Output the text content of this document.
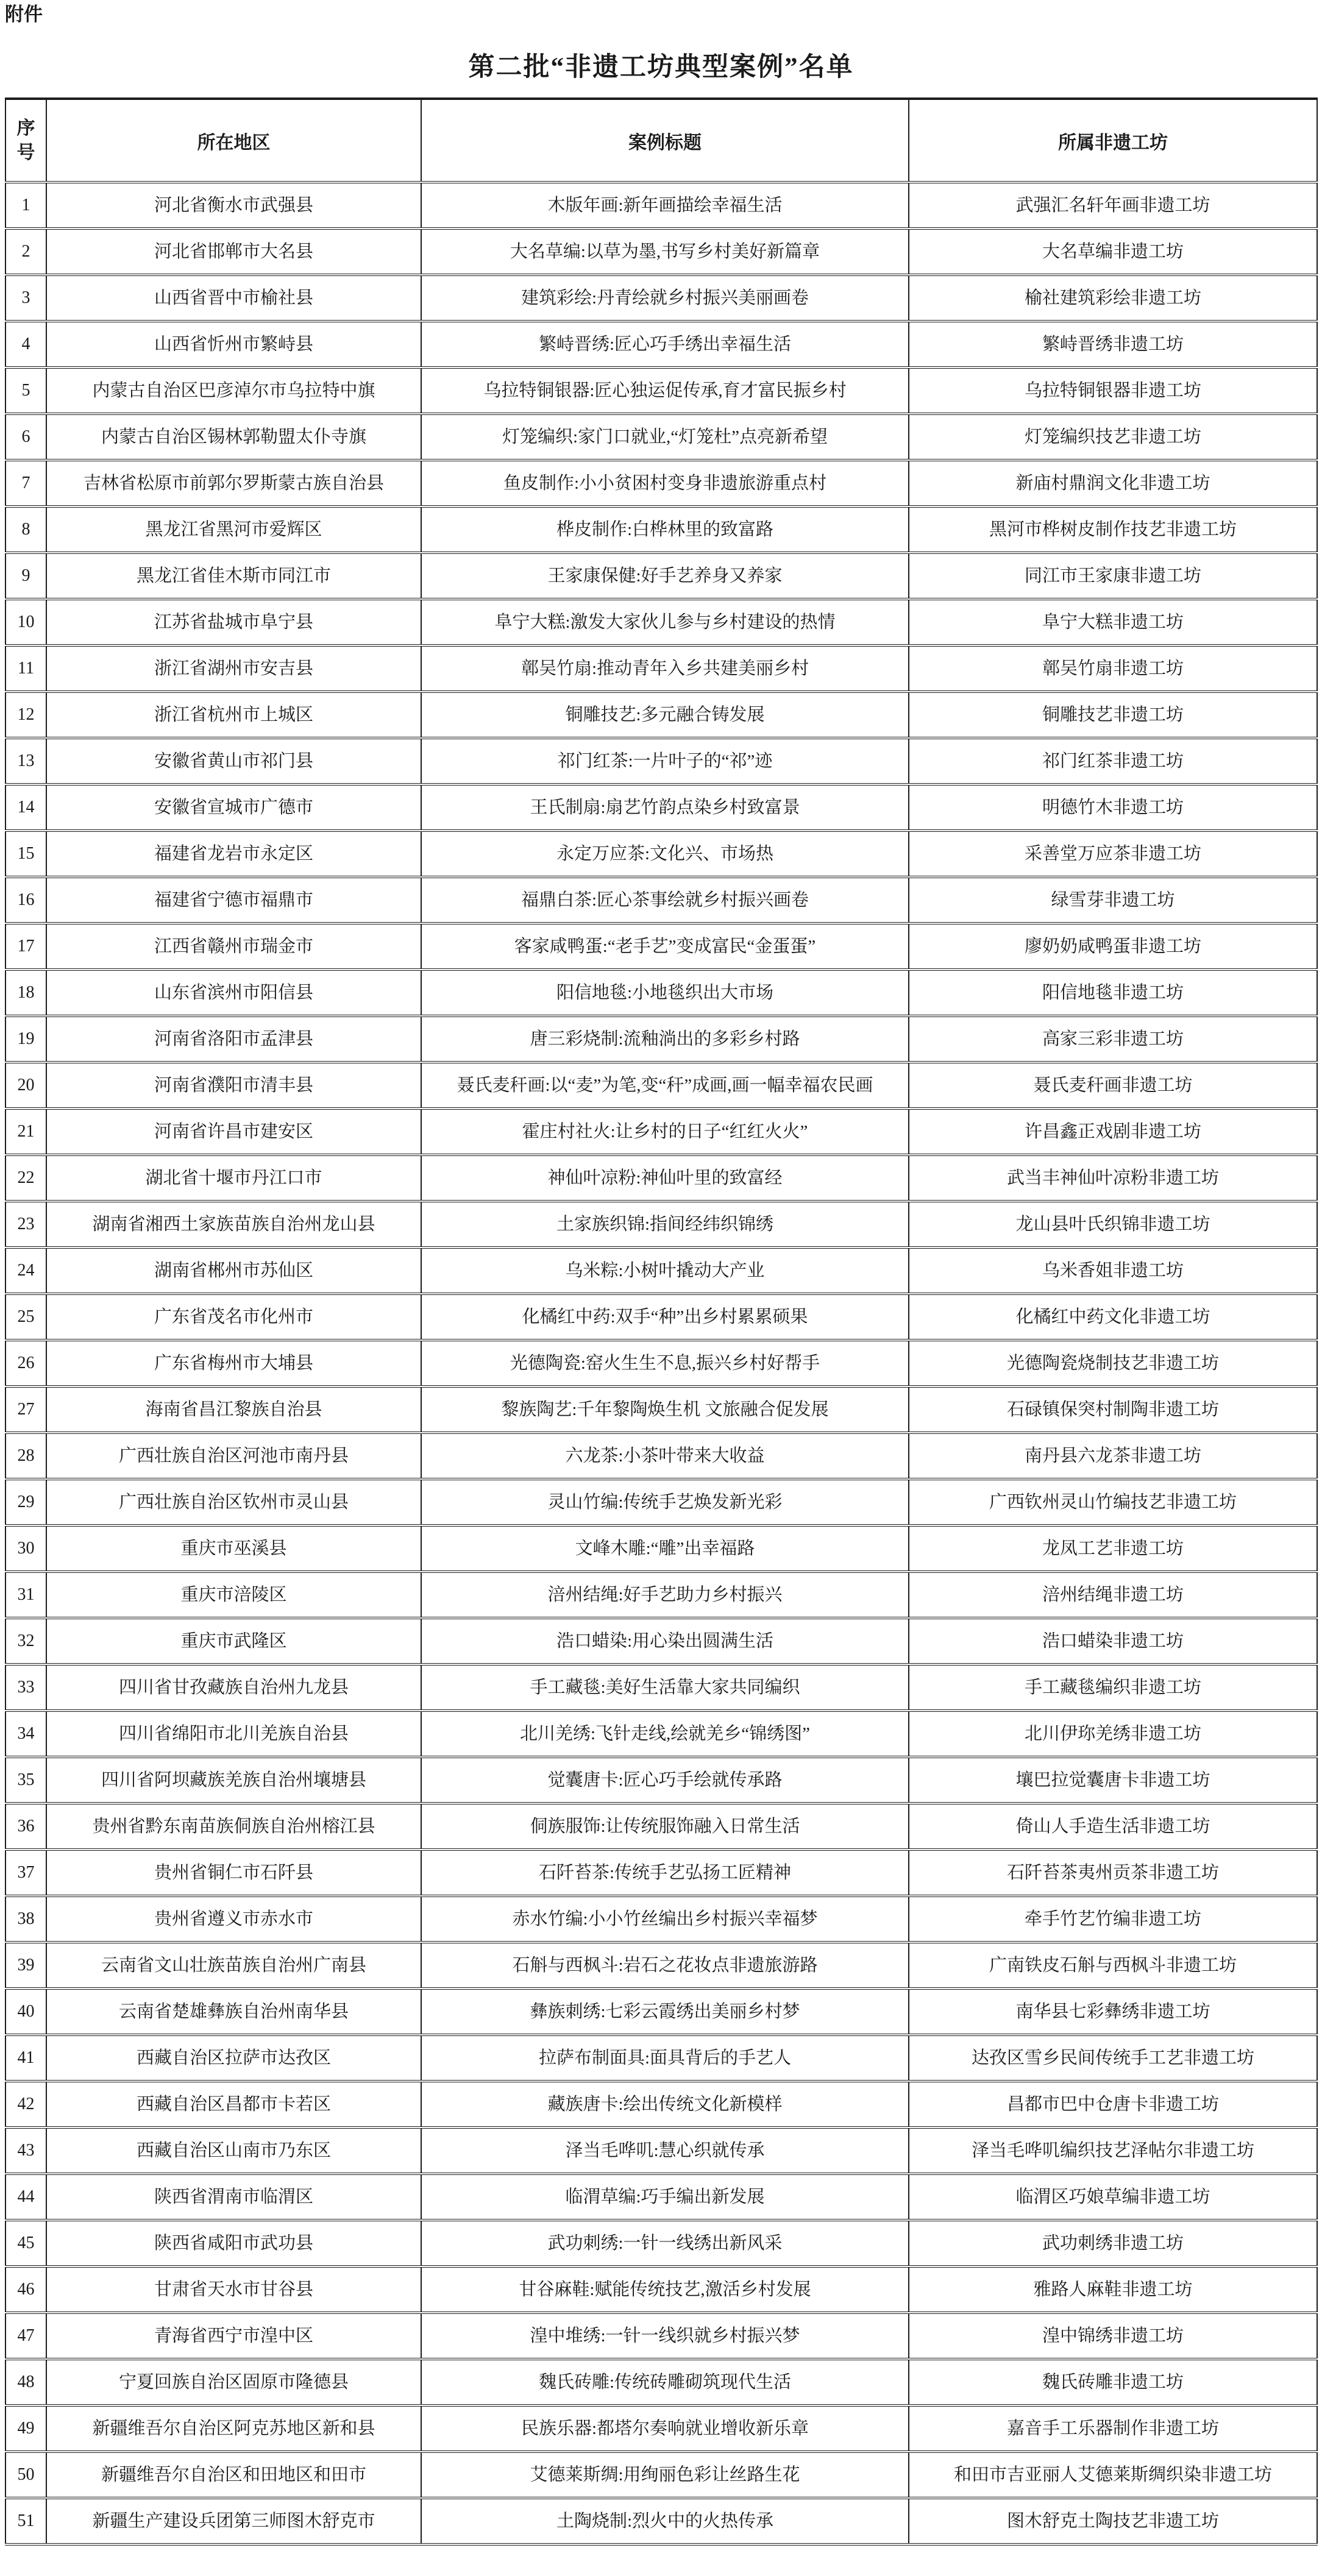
附件
第二批“非遗工坊典型案例”名单
序号	所在地区	案例标题	所属非遗工坊
1	河北省衡水市武强县	木版年画:新年画描绘幸福生活	武强汇名轩年画非遗工坊
2	河北省邯郸市大名县	大名草编:以草为墨,书写乡村美好新篇章	大名草编非遗工坊
3	山西省晋中市榆社县	建筑彩绘:丹青绘就乡村振兴美丽画卷	榆社建筑彩绘非遗工坊
4	山西省忻州市繁峙县	繁峙晋绣:匠心巧手绣出幸福生活	繁峙晋绣非遗工坊
5	内蒙古自治区巴彦淖尔市乌拉特中旗	乌拉特铜银器:匠心独运促传承,育才富民振乡村	乌拉特铜银器非遗工坊
6	内蒙古自治区锡林郭勒盟太仆寺旗	灯笼编织:家门口就业,“灯笼杜”点亮新希望	灯笼编织技艺非遗工坊
7	吉林省松原市前郭尔罗斯蒙古族自治县	鱼皮制作:小小贫困村变身非遗旅游重点村	新庙村鼎润文化非遗工坊
8	黑龙江省黑河市爱辉区	桦皮制作:白桦林里的致富路	黑河市桦树皮制作技艺非遗工坊
9	黑龙江省佳木斯市同江市	王家康保健:好手艺养身又养家	同江市王家康非遗工坊
10	江苏省盐城市阜宁县	阜宁大糕:激发大家伙儿参与乡村建设的热情	阜宁大糕非遗工坊
11	浙江省湖州市安吉县	鄣吴竹扇:推动青年入乡共建美丽乡村	鄣吴竹扇非遗工坊
12	浙江省杭州市上城区	铜雕技艺:多元融合铸发展	铜雕技艺非遗工坊
13	安徽省黄山市祁门县	祁门红茶:一片叶子的“祁”迹	祁门红茶非遗工坊
14	安徽省宣城市广德市	王氏制扇:扇艺竹韵点染乡村致富景	明德竹木非遗工坊
15	福建省龙岩市永定区	永定万应茶:文化兴、市场热	采善堂万应茶非遗工坊
16	福建省宁德市福鼎市	福鼎白茶:匠心茶事绘就乡村振兴画卷	绿雪芽非遗工坊
17	江西省赣州市瑞金市	客家咸鸭蛋:“老手艺”变成富民“金蛋蛋”	廖奶奶咸鸭蛋非遗工坊
18	山东省滨州市阳信县	阳信地毯:小地毯织出大市场	阳信地毯非遗工坊
19	河南省洛阳市孟津县	唐三彩烧制:流釉淌出的多彩乡村路	高家三彩非遗工坊
20	河南省濮阳市清丰县	聂氏麦秆画:以“麦”为笔,变“秆”成画,画一幅幸福农民画	聂氏麦秆画非遗工坊
21	河南省许昌市建安区	霍庄村社火:让乡村的日子“红红火火”	许昌鑫正戏剧非遗工坊
22	湖北省十堰市丹江口市	神仙叶凉粉:神仙叶里的致富经	武当丰神仙叶凉粉非遗工坊
23	湖南省湘西土家族苗族自治州龙山县	土家族织锦:指间经纬织锦绣	龙山县叶氏织锦非遗工坊
24	湖南省郴州市苏仙区	乌米粽:小树叶撬动大产业	乌米香姐非遗工坊
25	广东省茂名市化州市	化橘红中药:双手“种”出乡村累累硕果	化橘红中药文化非遗工坊
26	广东省梅州市大埔县	光德陶瓷:窑火生生不息,振兴乡村好帮手	光德陶瓷烧制技艺非遗工坊
27	海南省昌江黎族自治县	黎族陶艺:千年黎陶焕生机 文旅融合促发展	石碌镇保突村制陶非遗工坊
28	广西壮族自治区河池市南丹县	六龙茶:小茶叶带来大收益	南丹县六龙茶非遗工坊
29	广西壮族自治区钦州市灵山县	灵山竹编:传统手艺焕发新光彩	广西钦州灵山竹编技艺非遗工坊
30	重庆市巫溪县	文峰木雕:“雕”出幸福路	龙凤工艺非遗工坊
31	重庆市涪陵区	涪州结绳:好手艺助力乡村振兴	涪州结绳非遗工坊
32	重庆市武隆区	浩口蜡染:用心染出圆满生活	浩口蜡染非遗工坊
33	四川省甘孜藏族自治州九龙县	手工藏毯:美好生活靠大家共同编织	手工藏毯编织非遗工坊
34	四川省绵阳市北川羌族自治县	北川羌绣:飞针走线,绘就羌乡“锦绣图”	北川伊珎羌绣非遗工坊
35	四川省阿坝藏族羌族自治州壤塘县	觉囊唐卡:匠心巧手绘就传承路	壤巴拉觉囊唐卡非遗工坊
36	贵州省黔东南苗族侗族自治州榕江县	侗族服饰:让传统服饰融入日常生活	倚山人手造生活非遗工坊
37	贵州省铜仁市石阡县	石阡苔茶:传统手艺弘扬工匠精神	石阡苔茶夷州贡茶非遗工坊
38	贵州省遵义市赤水市	赤水竹编:小小竹丝编出乡村振兴幸福梦	牵手竹艺竹编非遗工坊
39	云南省文山壮族苗族自治州广南县	石斛与西枫斗:岩石之花妆点非遗旅游路	广南铁皮石斛与西枫斗非遗工坊
40	云南省楚雄彝族自治州南华县	彝族刺绣:七彩云霞绣出美丽乡村梦	南华县七彩彝绣非遗工坊
41	西藏自治区拉萨市达孜区	拉萨布制面具:面具背后的手艺人	达孜区雪乡民间传统手工艺非遗工坊
42	西藏自治区昌都市卡若区	藏族唐卡:绘出传统文化新模样	昌都市巴中仓唐卡非遗工坊
43	西藏自治区山南市乃东区	泽当毛哗叽:慧心织就传承	泽当毛哗叽编织技艺泽帖尔非遗工坊
44	陕西省渭南市临渭区	临渭草编:巧手编出新发展	临渭区巧娘草编非遗工坊
45	陕西省咸阳市武功县	武功刺绣:一针一线绣出新风采	武功刺绣非遗工坊
46	甘肃省天水市甘谷县	甘谷麻鞋:赋能传统技艺,激活乡村发展	雅路人麻鞋非遗工坊
47	青海省西宁市湟中区	湟中堆绣:一针一线织就乡村振兴梦	湟中锦绣非遗工坊
48	宁夏回族自治区固原市隆德县	魏氏砖雕:传统砖雕砌筑现代生活	魏氏砖雕非遗工坊
49	新疆维吾尔自治区阿克苏地区新和县	民族乐器:都塔尔奏响就业增收新乐章	嘉音手工乐器制作非遗工坊
50	新疆维吾尔自治区和田地区和田市	艾德莱斯绸:用绚丽色彩让丝路生花	和田市吉亚丽人艾德莱斯绸织染非遗工坊
51	新疆生产建设兵团第三师图木舒克市	土陶烧制:烈火中的火热传承	图木舒克土陶技艺非遗工坊
